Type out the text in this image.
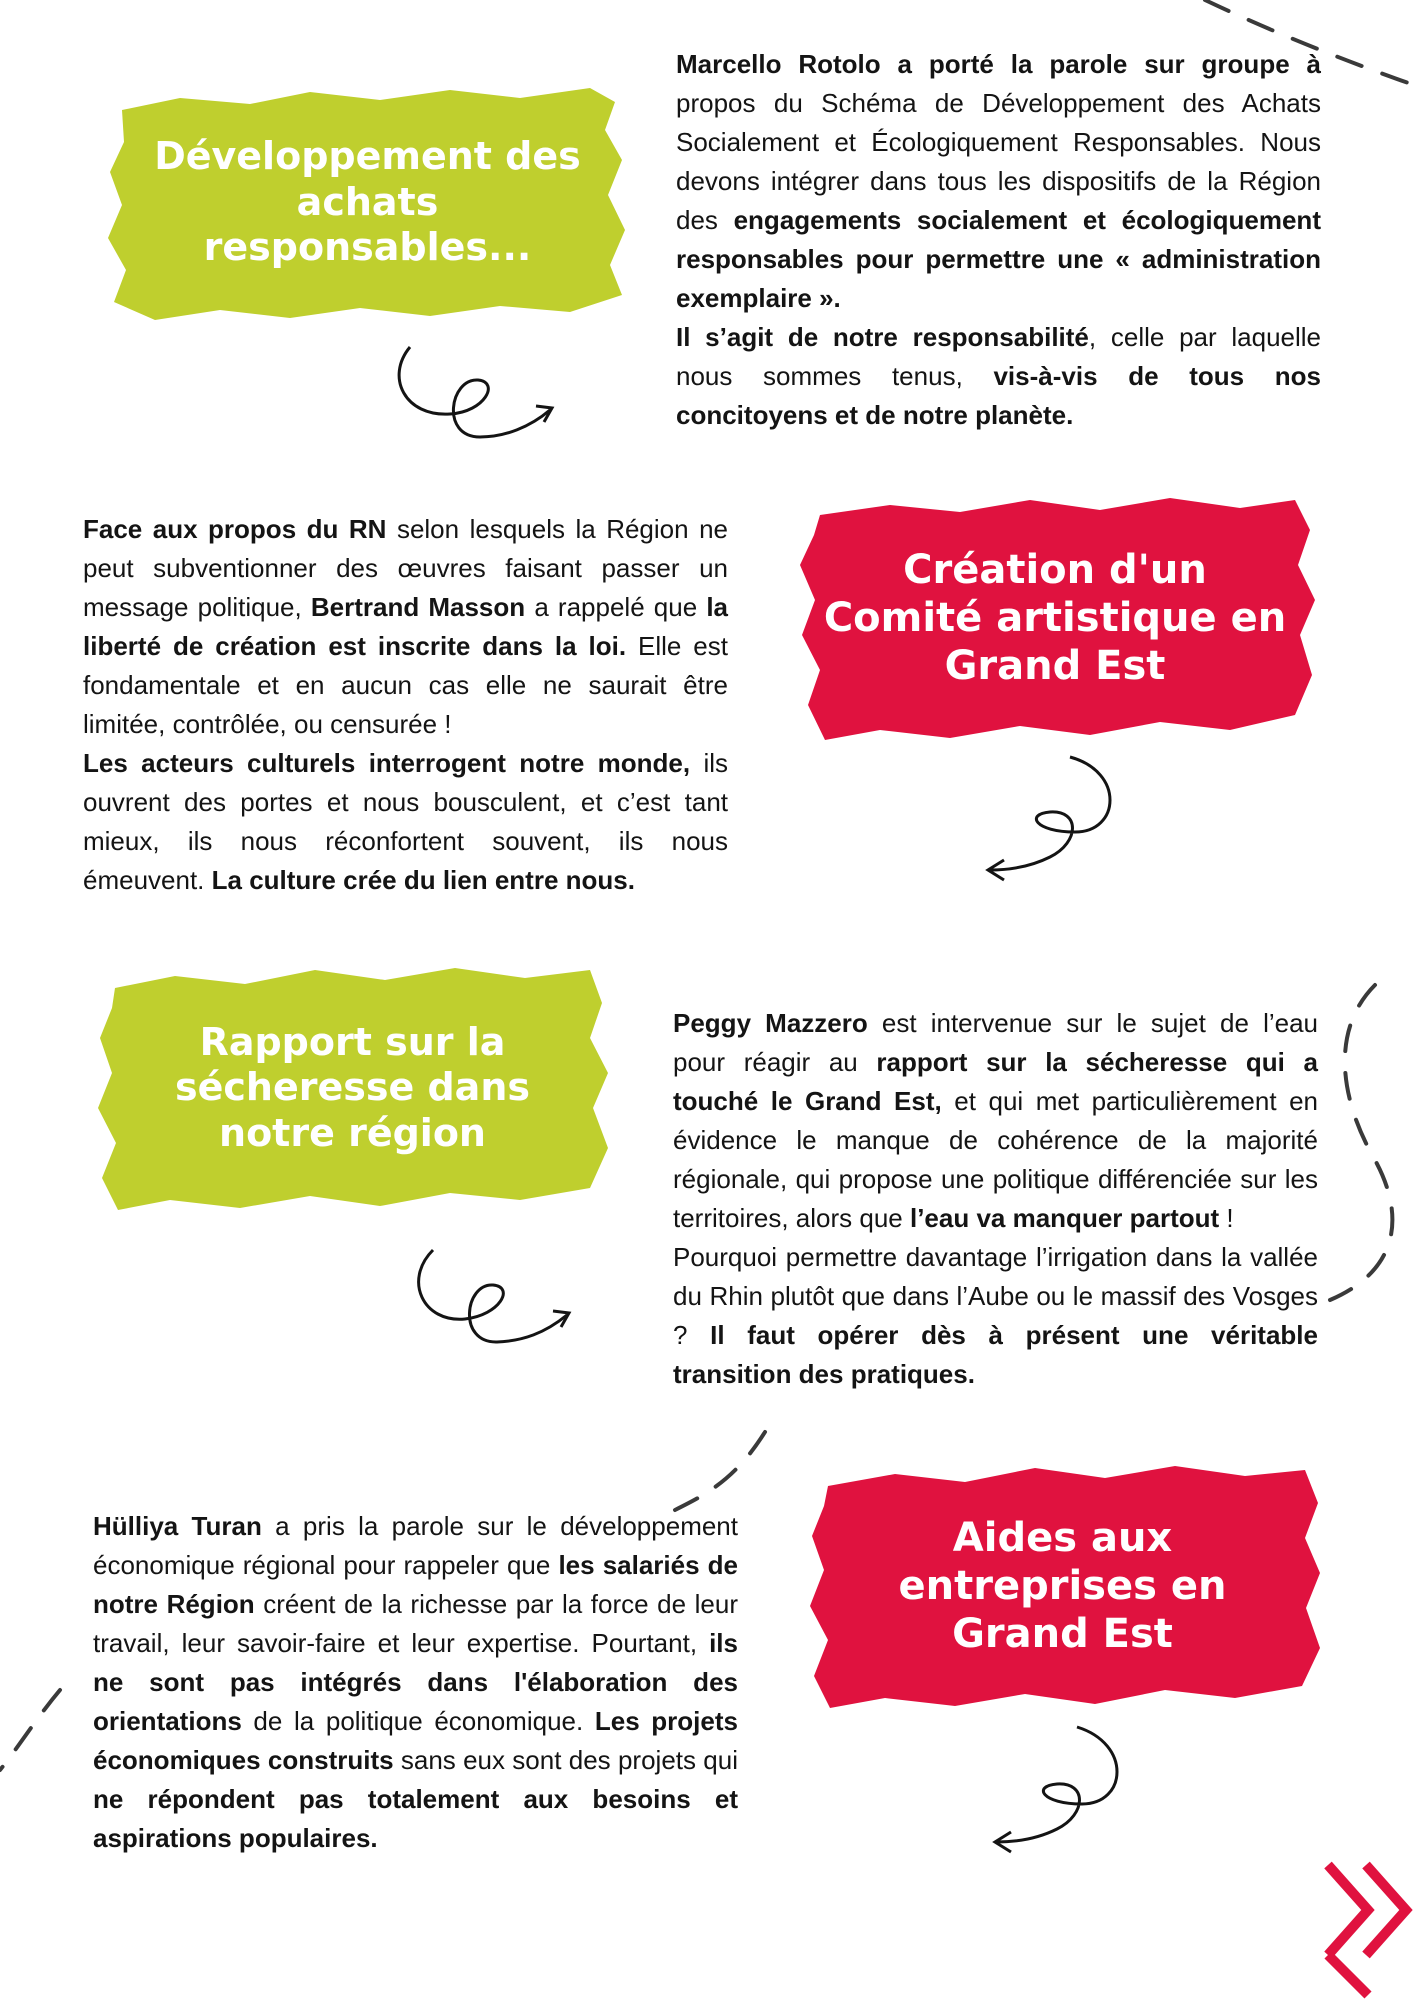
Développement des achats responsables...

Marcello Rotolo a porté la parole sur groupe à propos du Schéma de Développement des Achats Socialement et Écologiquement Responsables. Nous devons intégrer dans tous les dispositifs de la Région des engagements socialement et écologiquement responsables pour permettre une « administration exemplaire ».

Il s’agit de notre responsabilité, celle par laquelle nous sommes tenus, vis-à-vis de tous nos concitoyens et de notre planète.

Face aux propos du RN selon lesquels la Région ne peut subventionner des œuvres faisant passer un message politique, Bertrand Masson a rappelé que la liberté de création est inscrite dans la loi. Elle est fondamentale et en aucun cas elle ne saurait être limitée, contrôlée, ou censurée !

Les acteurs culturels interrogent notre monde, ils ouvrent des portes et nous bousculent, et c’est tant mieux, ils nous réconfortent souvent, ils nous émeuvent. La culture crée du lien entre nous.

Création d'un Comité artistique en Grand Est
Rapport sur la sécheresse dans notre région

Peggy Mazzero est intervenue sur le sujet de l’eau pour réagir au rapport sur la sécheresse qui a touché le Grand Est, et qui met particulièrement en évidence le manque de cohérence de la majorité régionale, qui propose une politique différenciée sur les territoires, alors que l’eau va manquer partout !

Pourquoi permettre davantage l’irrigation dans la vallée du Rhin plutôt que dans l’Aube ou le massif des Vosges ? Il faut opérer dès à présent une véritable transition des pratiques.

Hülliya Turan a pris la parole sur le développement économique régional pour rappeler que les salariés de notre Région créent de la richesse par la force de leur travail, leur savoir-faire et leur expertise. Pourtant, ils ne sont pas intégrés dans l'élaboration des orientations de la politique économique. Les projets économiques construits sans eux sont des projets qui ne répondent pas totalement aux besoins et aspirations populaires.

Aides aux entreprises en Grand Est
